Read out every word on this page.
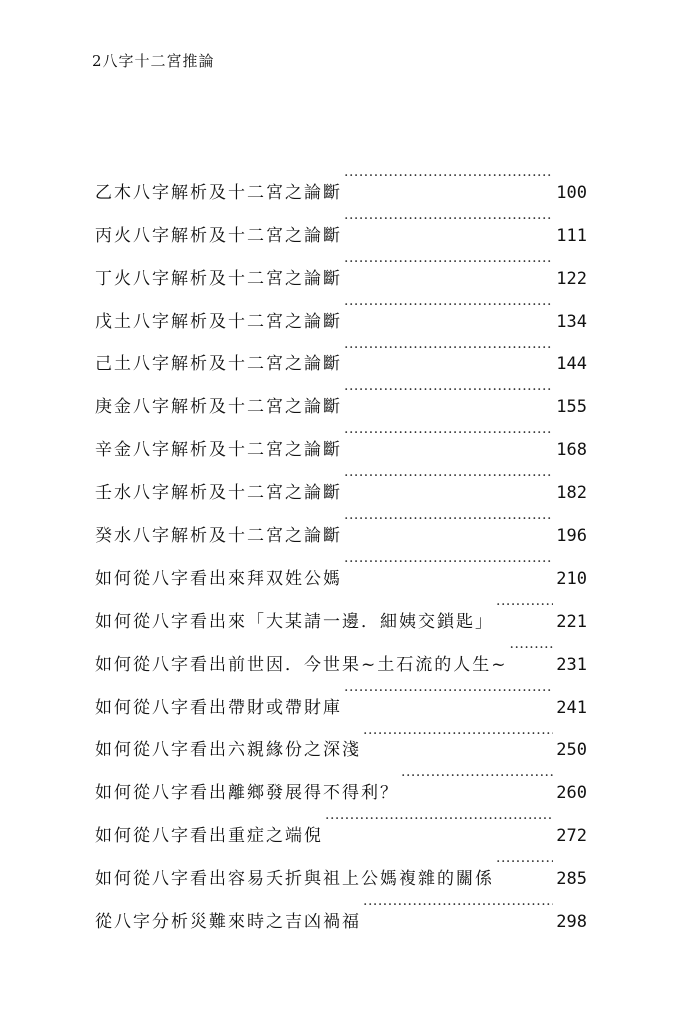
2八字十二宮推論
乙木八字解析及十二宮之論斷 ·····	100
丙火八字解析及十二宮之論斷 ·····	111
丁火八字解析及十二宮之論斷 ·····	122
戊土八字解析及十二宮之論斷 ·····	134
己土八字解析及十二宮之論斷 ·····	144
庚金八字解析及十二宮之論斷 ·····	155
辛金八字解析及十二宮之論斷 ·····	168
壬水八字解析及十二宮之論斷 ·····	182
癸水八字解析及十二宮之論斷 ·····	196
如何從八字看出來拜双姓公媽 ·····	210
如何從八字看出來「大某請一邊．細姨交鎖匙」 ·····	221
如何從八字看出前世因．今世果~土石流的人生~ ·····	231
如何從八字看出帶財或帶財庫 ·····	241
如何從八字看出六親緣份之深淺 ·····	250
如何從八字看出離鄉發展得不得利？ ·····	260
如何從八字看出重症之端倪 ·····	272
如何從八字看出容易夭折與祖上公媽複雜的關係 ·····	285
從八字分析災難來時之吉凶禍福 ·····	298
